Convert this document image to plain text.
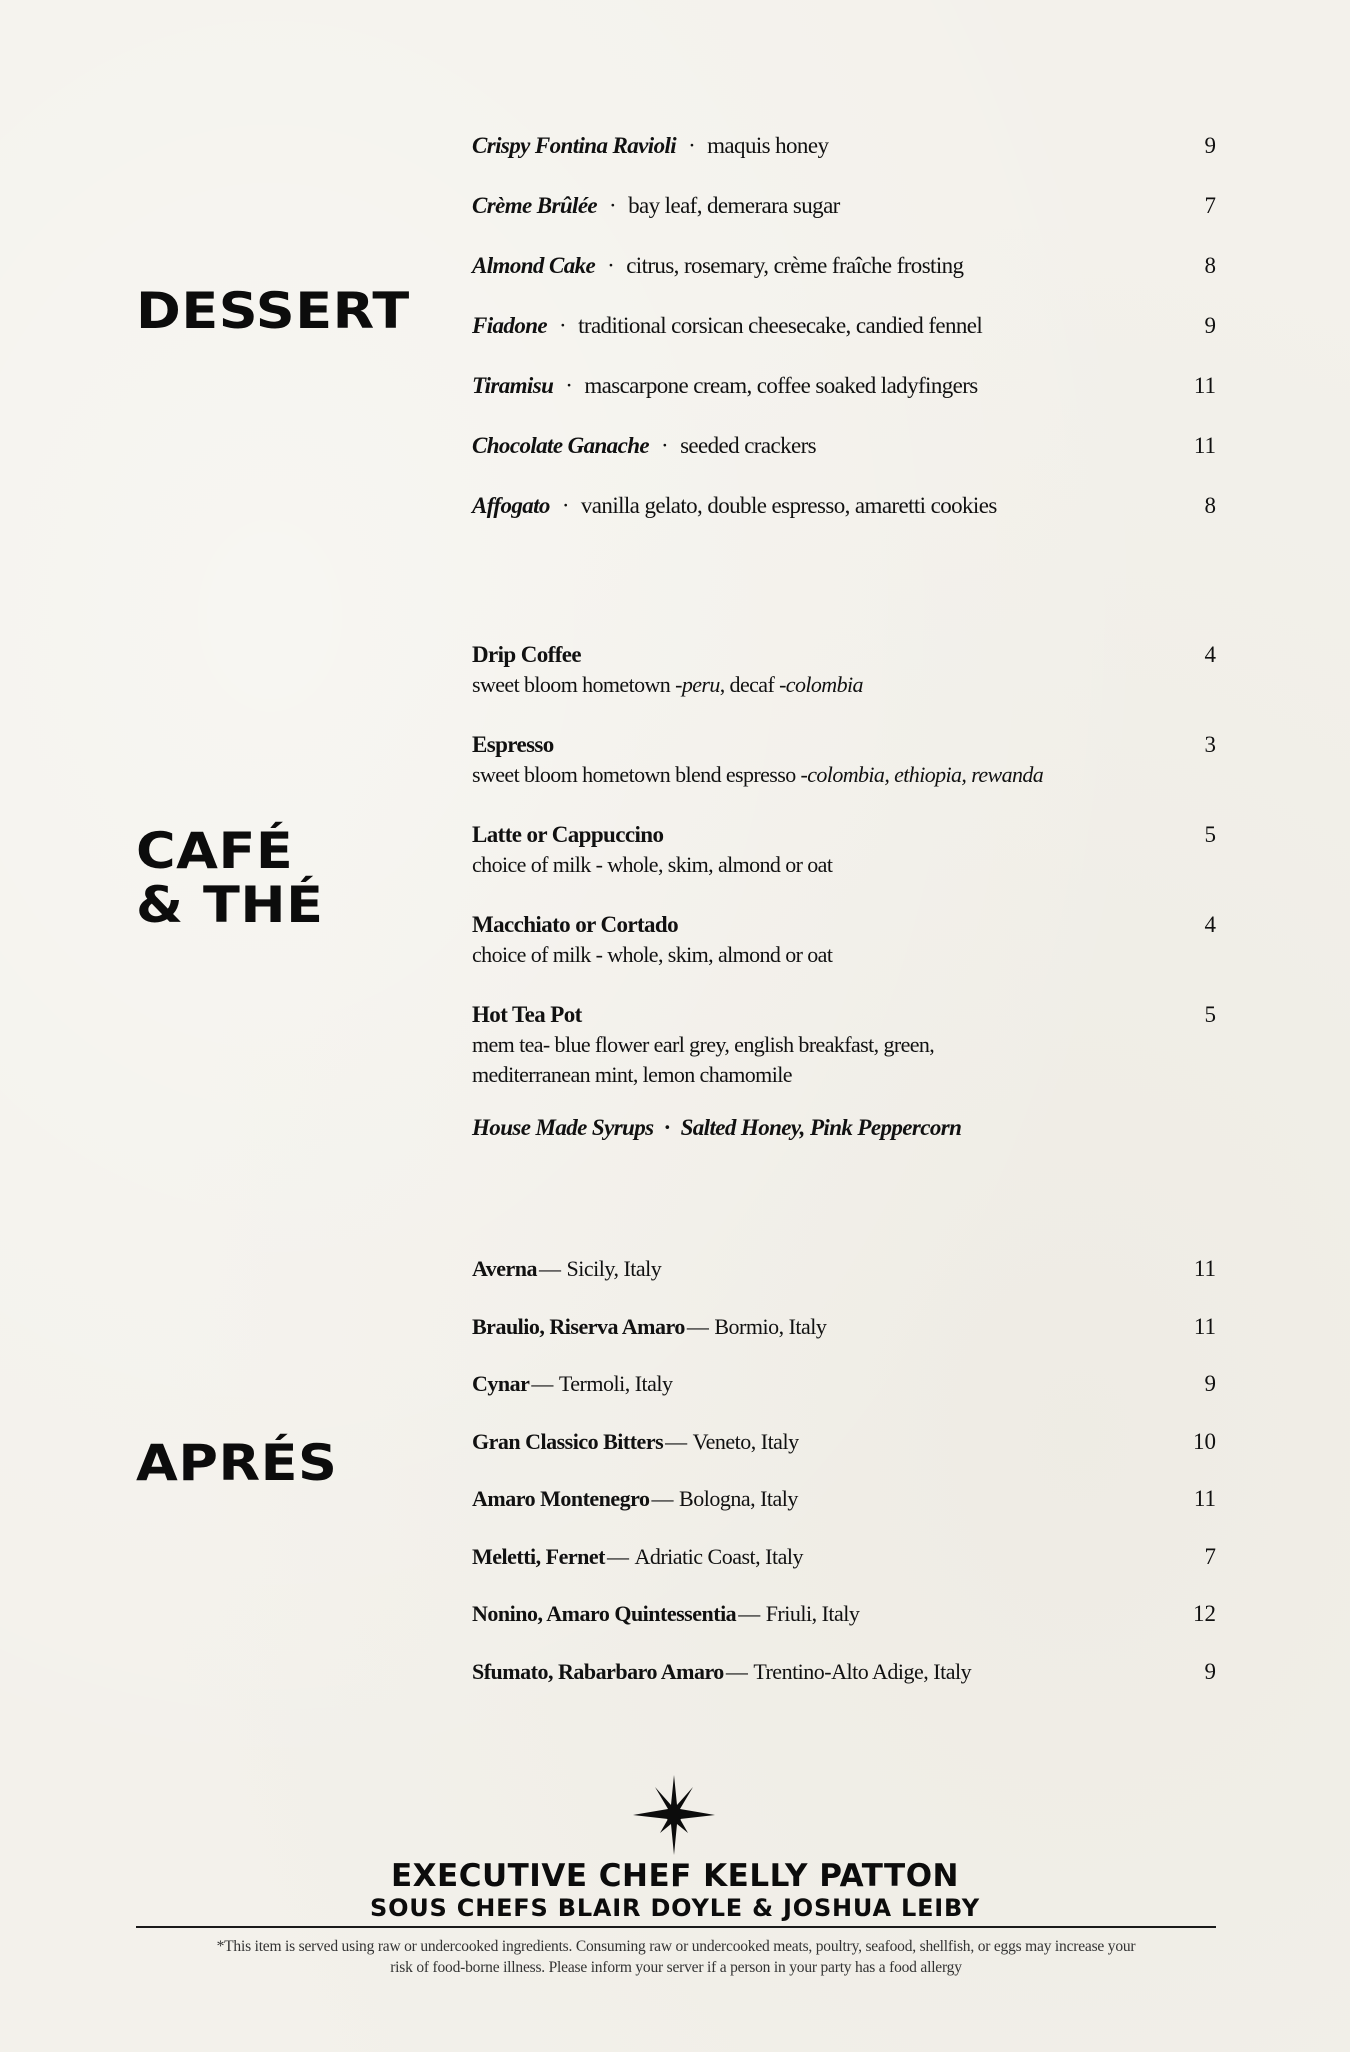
DESSERT
Crispy Fontina Ravioli · maquis honey	9
Crème Brûlée · bay leaf, demerara sugar	7
Almond Cake · citrus, rosemary, crème fraîche frosting	8
Fiadone · traditional corsican cheesecake, candied fennel	9
Tiramisu · mascarpone cream, coffee soaked ladyfingers	11
Chocolate Ganache · seeded crackers	11
Affogato · vanilla gelato, double espresso, amaretti cookies	8
CAFÉ
& THÉ
Drip Coffee
sweet bloom hometown -peru, decaf -colombia
4
Espresso
sweet bloom hometown blend espresso -colombia, ethiopia, rewanda
3
Latte or Cappuccino
choice of milk - whole, skim, almond or oat
5
Macchiato or Cortado
choice of milk - whole, skim, almond or oat
4
Hot Tea Pot
mem tea- blue flower earl grey, english breakfast, green,
mediterranean mint, lemon chamomile
5
House Made Syrups · Salted Honey, Pink Peppercorn
APRÉS
Averna— Sicily, Italy	11
Braulio, Riserva Amaro— Bormio, Italy	11
Cynar— Termoli, Italy	9
Gran Classico Bitters— Veneto, Italy	10
Amaro Montenegro— Bologna, Italy	11
Meletti, Fernet— Adriatic Coast, Italy	7
Nonino, Amaro Quintessentia— Friuli, Italy	12
Sfumato, Rabarbaro Amaro— Trentino-Alto Adige, Italy	9
EXECUTIVE CHEF KELLY PATTON
SOUS CHEFS BLAIR DOYLE & JOSHUA LEIBY
*This item is served using raw or undercooked ingredients. Consuming raw or undercooked meats, poultry, seafood, shellfish, or eggs may increase your
risk of food-borne illness. Please inform your server if a person in your party has a food allergy
